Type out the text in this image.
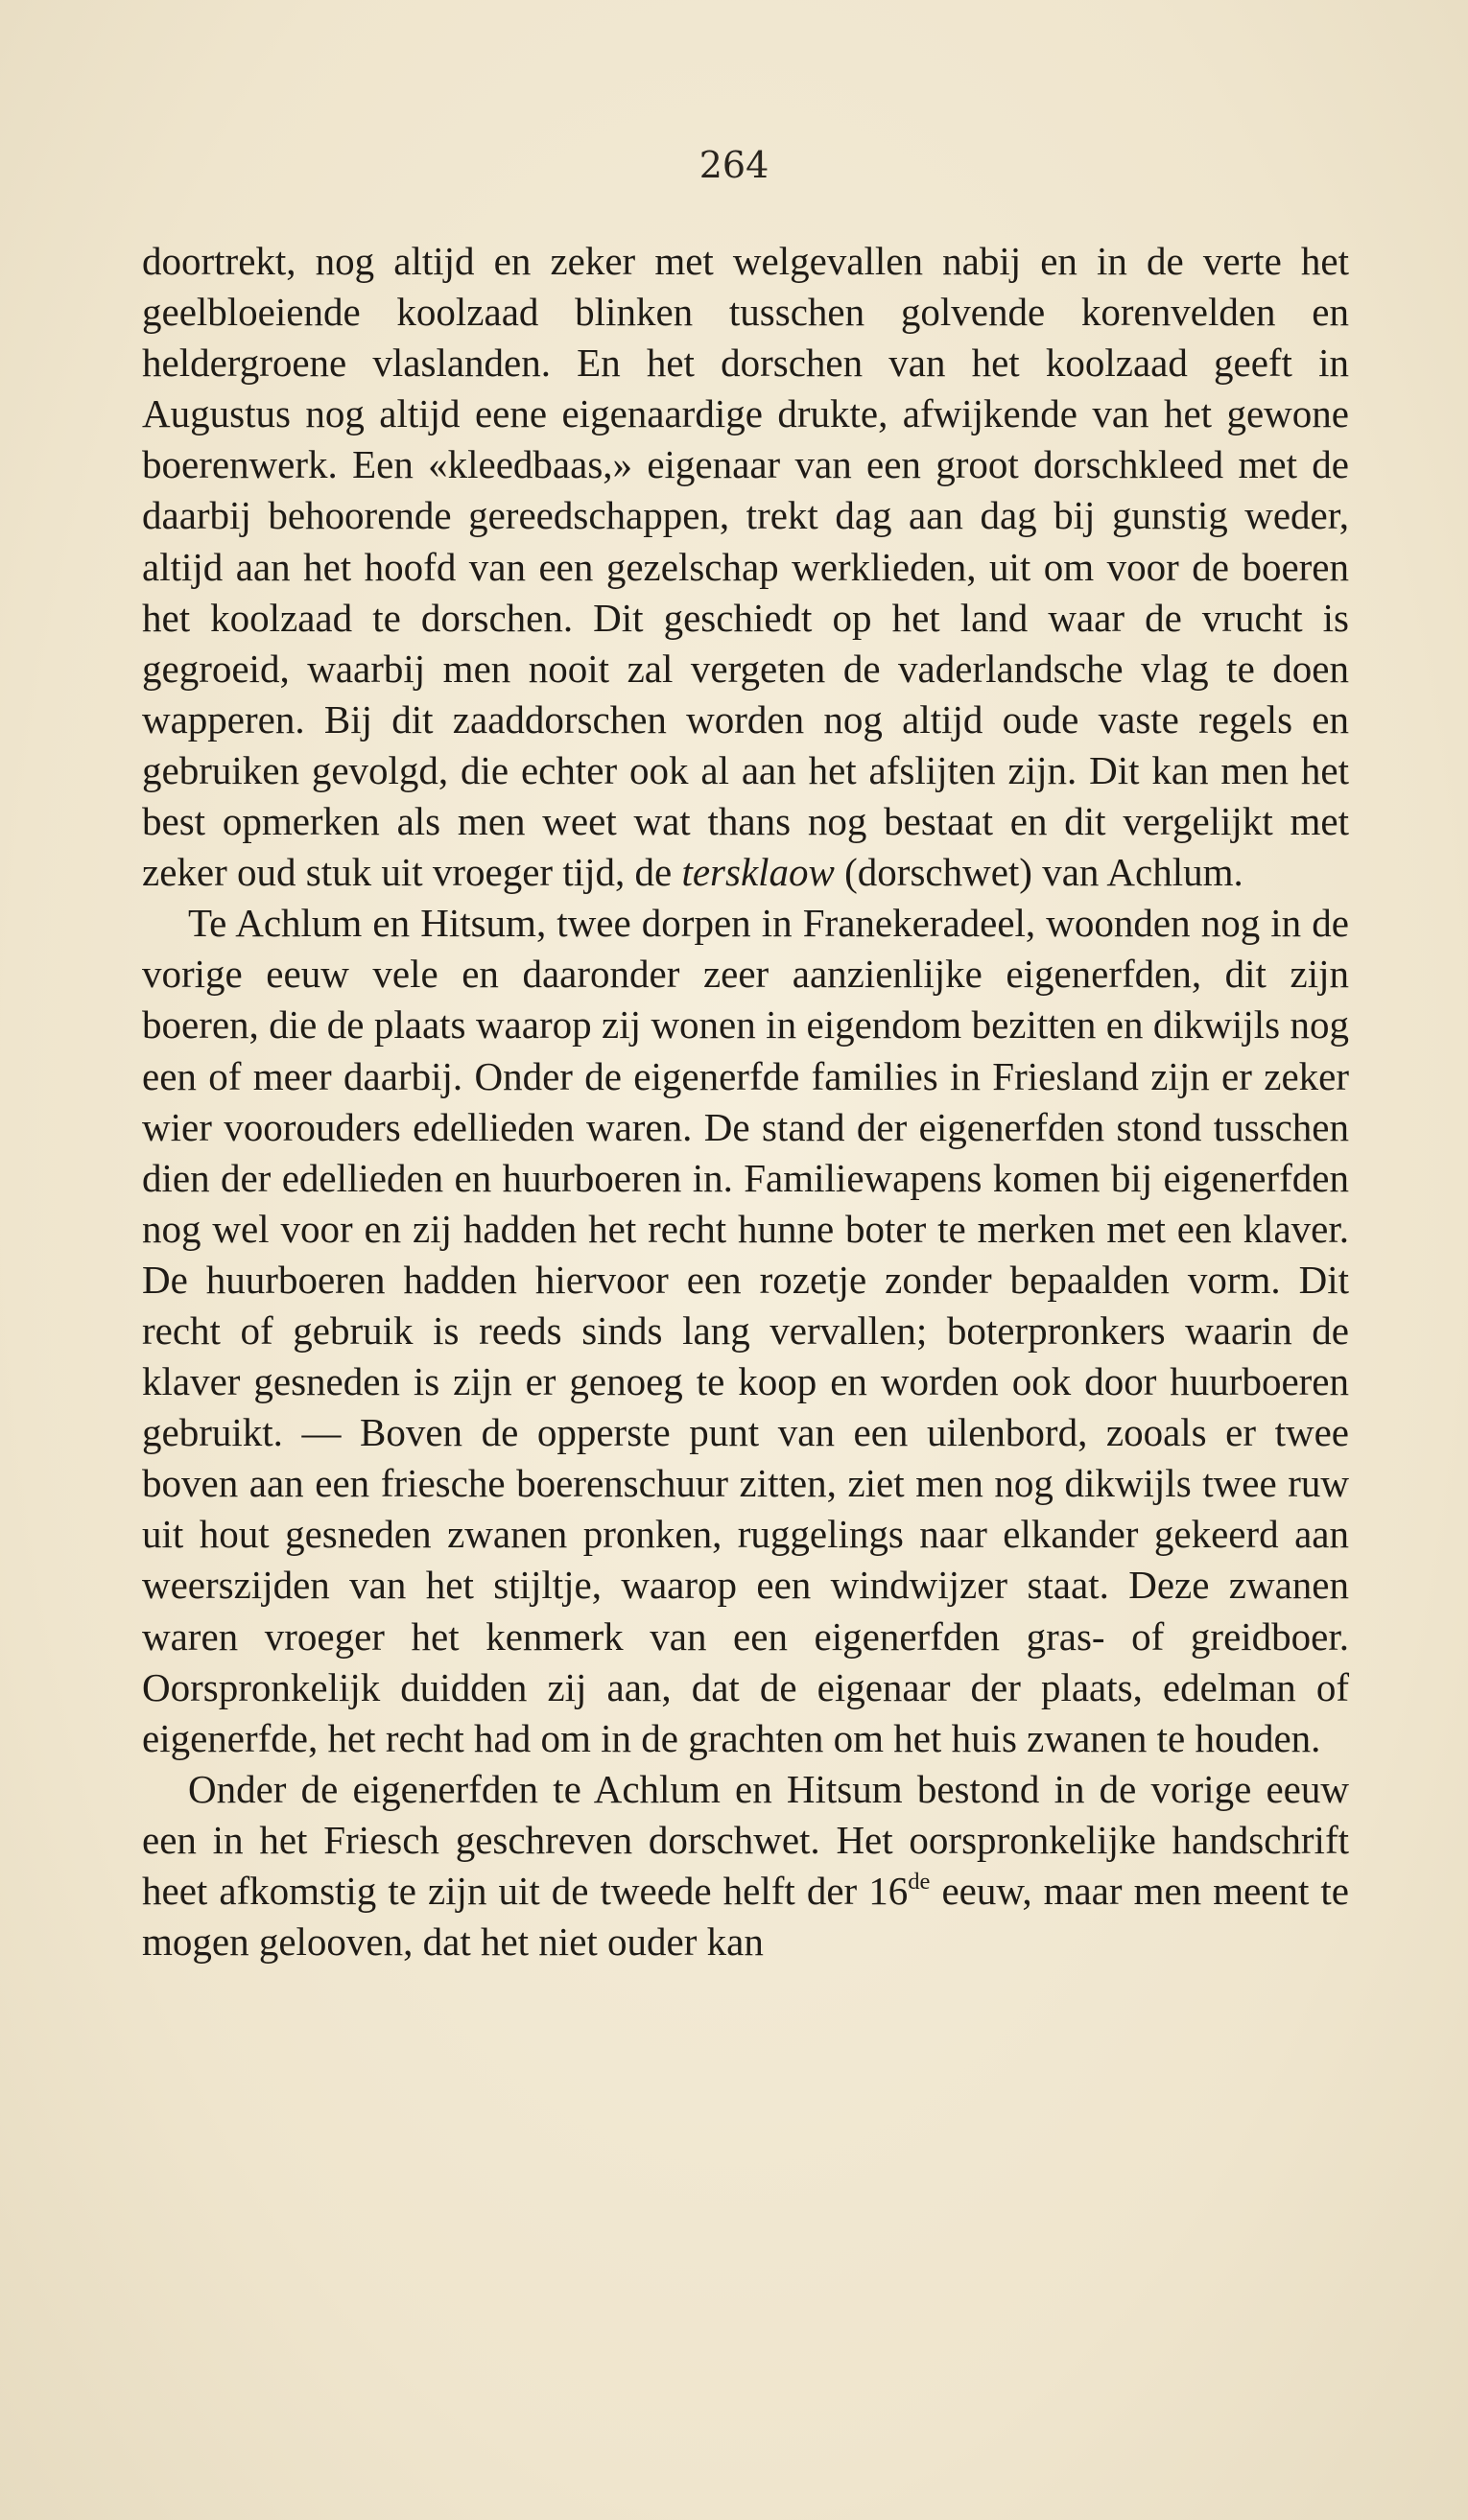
264

doortrekt, nog altijd en zeker met welgevallen nabij en in de verte het geelbloeiende koolzaad blinken tusschen golvende korenvelden en heldergroene vlaslanden. En het dorschen van het koolzaad geeft in Augustus nog altijd eene eigenaardige drukte, afwijkende van het gewone boerenwerk. Een «kleedbaas,» eigenaar van een groot dorschkleed met de daarbij behoorende gereedschappen, trekt dag aan dag bij gunstig weder, altijd aan het hoofd van een gezelschap werklieden, uit om voor de boeren het koolzaad te dorschen. Dit geschiedt op het land waar de vrucht is gegroeid, waarbij men nooit zal vergeten de vaderlandsche vlag te doen wapperen. Bij dit zaaddorschen worden nog altijd oude vaste regels en gebruiken gevolgd, die echter ook al aan het afslijten zijn. Dit kan men het best opmerken als men weet wat thans nog bestaat en dit vergelijkt met zeker oud stuk uit vroeger tijd, de tersklaow (dorschwet) van Achlum.

Te Achlum en Hitsum, twee dorpen in Franekeradeel, woonden nog in de vorige eeuw vele en daaronder zeer aanzienlijke eigenerfden, dit zijn boeren, die de plaats waarop zij wonen in eigendom bezitten en dikwijls nog een of meer daarbij. Onder de eigenerfde families in Friesland zijn er zeker wier voorouders edellieden waren. De stand der eigenerfden stond tusschen dien der edellieden en huurboeren in. Familiewapens komen bij eigenerfden nog wel voor en zij hadden het recht hunne boter te merken met een klaver. De huurboeren hadden hiervoor een rozetje zonder bepaalden vorm. Dit recht of gebruik is reeds sinds lang vervallen; boterpronkers waarin de klaver gesneden is zijn er genoeg te koop en worden ook door huurboeren gebruikt. — Boven de opperste punt van een uilenbord, zooals er twee boven aan een friesche boerenschuur zitten, ziet men nog dikwijls twee ruw uit hout gesneden zwanen pronken, ruggelings naar elkander gekeerd aan weerszijden van het stijltje, waarop een windwijzer staat. Deze zwanen waren vroeger het kenmerk van een eigenerfden gras- of greidboer. Oorspronkelijk duidden zij aan, dat de eigenaar der plaats, edelman of eigenerfde, het recht had om in de grachten om het huis zwanen te houden.

Onder de eigenerfden te Achlum en Hitsum bestond in de vorige eeuw een in het Friesch geschreven dorschwet. Het oorspronkelijke handschrift heet afkomstig te zijn uit de tweede helft der 16de eeuw, maar men meent te mogen gelooven, dat het niet ouder kan
